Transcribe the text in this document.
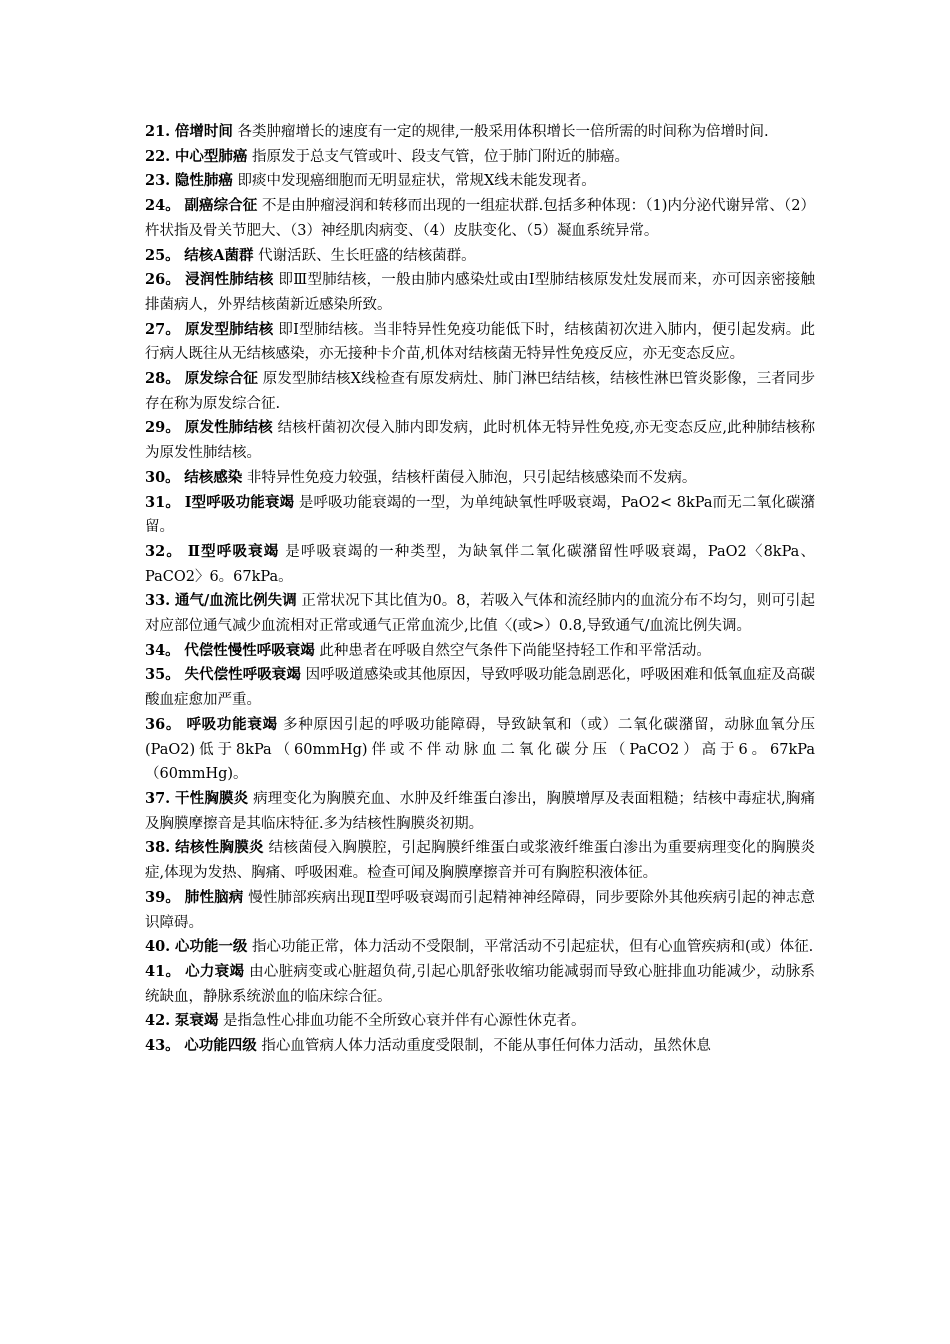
21. 倍增时间 各类肿瘤增长的速度有一定的规律,一般采用体积增长一倍所需的时间称为倍增时间.

22. 中心型肺癌 指原发于总支气管或叶、段支气管，位于肺门附近的肺癌。

23. 隐性肺癌 即痰中发现癌细胞而无明显症状，常规X线未能发现者。

24。 副癌综合征 不是由肿瘤浸润和转移而出现的一组症状群.包括多种体现：（1)内分泌代谢异常、（2）杵状指及骨关节肥大、（3）神经肌肉病变、（4）皮肤变化、（5）凝血系统异常。

25。 结核A菌群 代谢活跃、生长旺盛的结核菌群。

26。 浸润性肺结核 即Ⅲ型肺结核，一般由肺内感染灶或由Ⅰ型肺结核原发灶发展而来，亦可因亲密接触排菌病人，外界结核菌新近感染所致。

27。 原发型肺结核 即Ⅰ型肺结核。当非特异性免疫功能低下时，结核菌初次进入肺内，便引起发病。此行病人既往从无结核感染，亦无接种卡介苗,机体对结核菌无特异性免疫反应，亦无变态反应。

28。 原发综合征 原发型肺结核X线检查有原发病灶、肺门淋巴结结核，结核性淋巴管炎影像，三者同步存在称为原发综合征.

29。 原发性肺结核 结核杆菌初次侵入肺内即发病，此时机体无特异性免疫,亦无变态反应,此种肺结核称为原发性肺结核。

30。 结核感染 非特异性免疫力较强，结核杆菌侵入肺泡，只引起结核感染而不发病。

31。 Ⅰ型呼吸功能衰竭 是呼吸功能衰竭的一型，为单纯缺氧性呼吸衰竭，PaO2< 8kPa而无二氧化碳潴留。

32。 Ⅱ型呼吸衰竭 是呼吸衰竭的一种类型，为缺氧伴二氧化碳潴留性呼吸衰竭，PaO2〈8kPa、PaCO2〉6。67kPa。

33. 通气/血流比例失调 正常状况下其比值为0。8，若吸入气体和流经肺内的血流分布不均匀，则可引起对应部位通气减少血流相对正常或通气正常血流少,比值〈(或>）0.8,导致通气/血流比例失调。

34。 代偿性慢性呼吸衰竭 此种患者在呼吸自然空气条件下尚能坚持轻工作和平常活动。

35。 失代偿性呼吸衰竭 因呼吸道感染或其他原因，导致呼吸功能急剧恶化，呼吸困难和低氧血症及高碳酸血症愈加严重。

36。 呼吸功能衰竭 多种原因引起的呼吸功能障碍，导致缺氧和（或）二氧化碳潴留，动脉血氧分压(PaO2)低于8kPa（60mmHg)伴或不伴动脉血二氧化碳分压（PaCO2）高于6。67kPa（60mmHg)。

37. 干性胸膜炎 病理变化为胸膜充血、水肿及纤维蛋白渗出，胸膜增厚及表面粗糙；结核中毒症状,胸痛及胸膜摩擦音是其临床特征.多为结核性胸膜炎初期。

38. 结核性胸膜炎 结核菌侵入胸膜腔，引起胸膜纤维蛋白或浆液纤维蛋白渗出为重要病理变化的胸膜炎症,体现为发热、胸痛、呼吸困难。检查可闻及胸膜摩擦音并可有胸腔积液体征。

39。 肺性脑病 慢性肺部疾病出现Ⅱ型呼吸衰竭而引起精神神经障碍，同步要除外其他疾病引起的神志意识障碍。

40. 心功能一级 指心功能正常，体力活动不受限制，平常活动不引起症状，但有心血管疾病和(或）体征.

41。 心力衰竭 由心脏病变或心脏超负荷,引起心肌舒张收缩功能减弱而导致心脏排血功能减少，动脉系统缺血，静脉系统淤血的临床综合征。

42. 泵衰竭 是指急性心排血功能不全所致心衰并伴有心源性休克者。

43。 心功能四级 指心血管病人体力活动重度受限制，不能从事任何体力活动，虽然休息
